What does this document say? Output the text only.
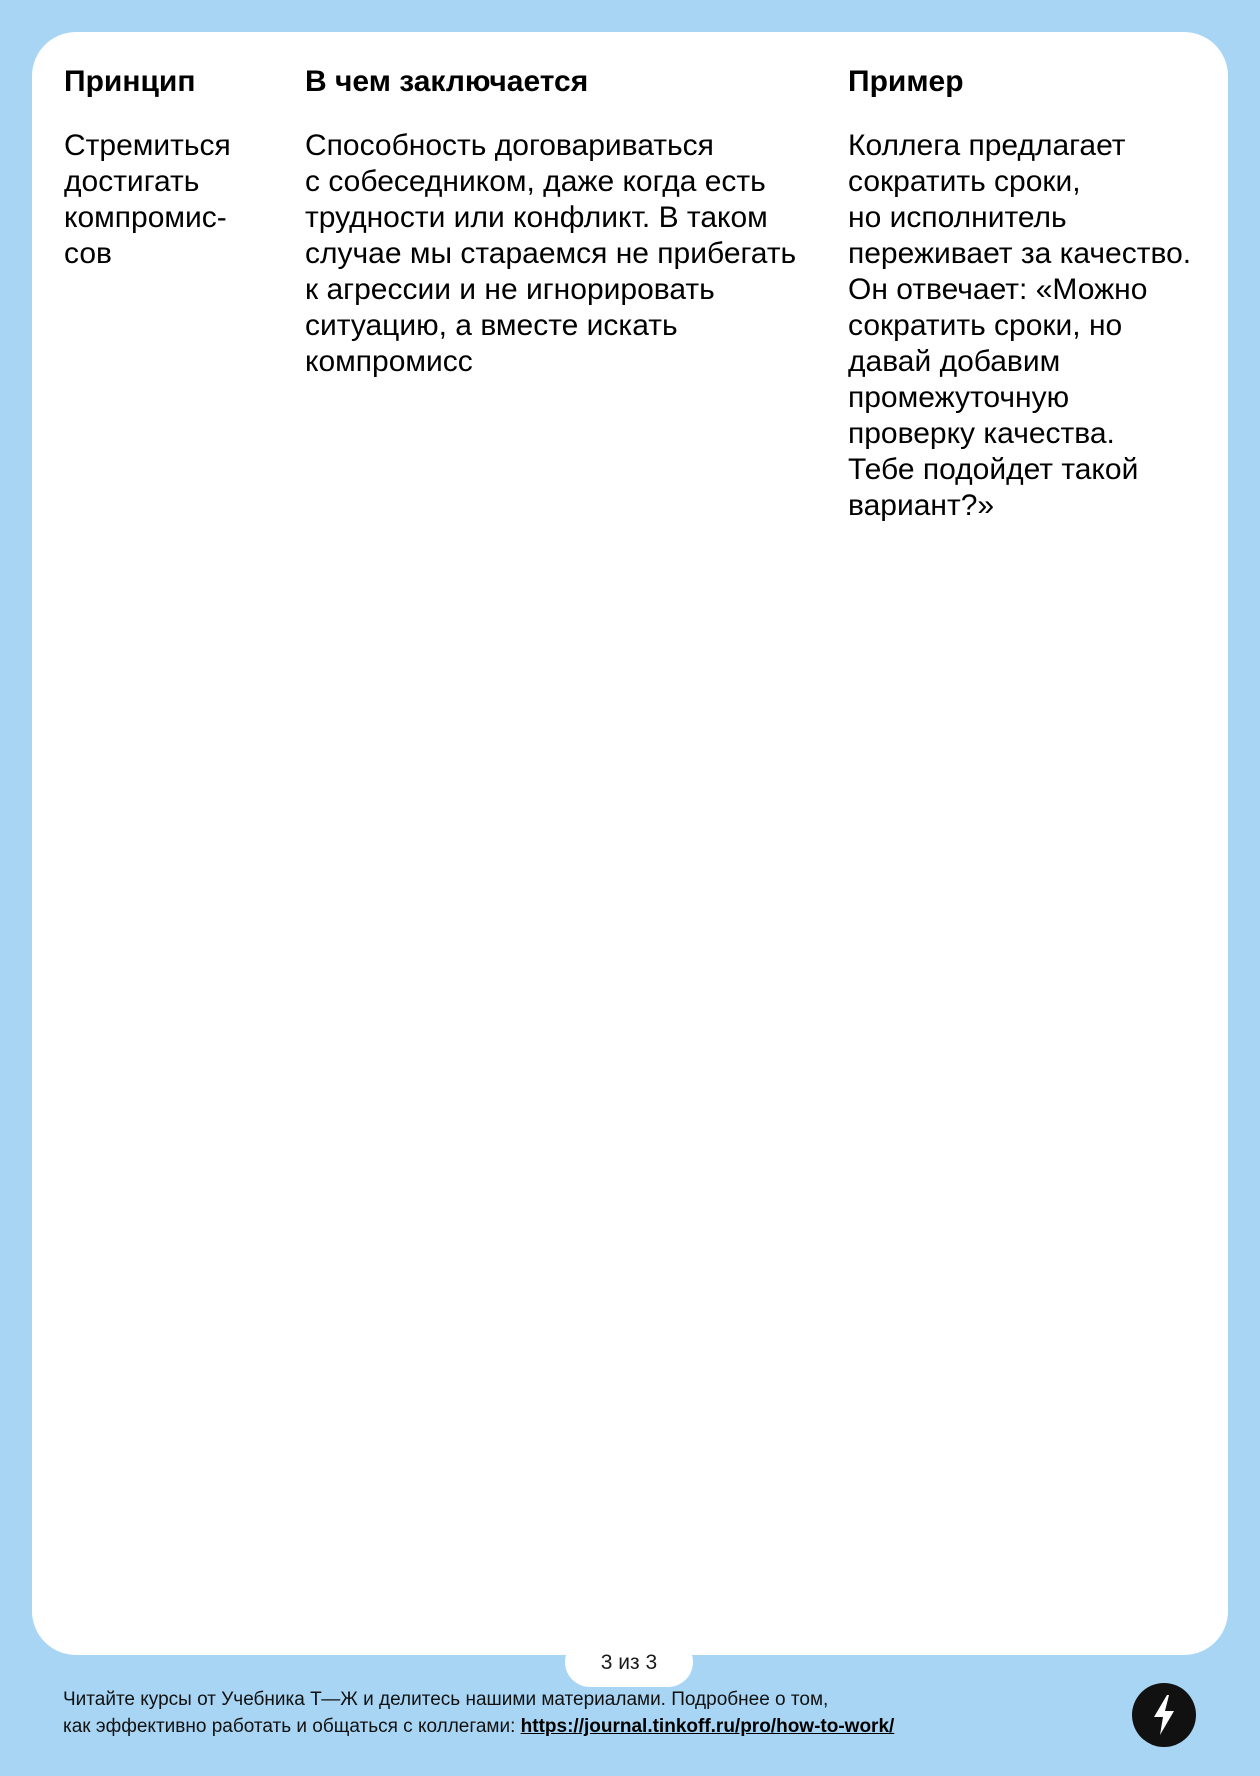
Принцип	В чем заключается	Пример

Стремиться
достигать
компромис-
сов

Способность договариваться
с собеседником, даже когда есть
трудности или конфликт. В таком
случае мы стараемся не прибегать
к агрессии и не игнорировать
ситуацию, а вместе искать
компромисс

Коллега предлагает
сократить сроки,
но исполнитель
переживает за качество.
Он отвечает: «Можно
сократить сроки, но
давай добавим
промежуточную
проверку качества.
Тебе подойдет такой
вариант?»

3 из 3

Читайте курсы от Учебника Т—Ж и делитесь нашими материалами. Подробнее о том,
как эффективно работать и общаться с коллегами: https://journal.tinkoff.ru/pro/how-to-work/
